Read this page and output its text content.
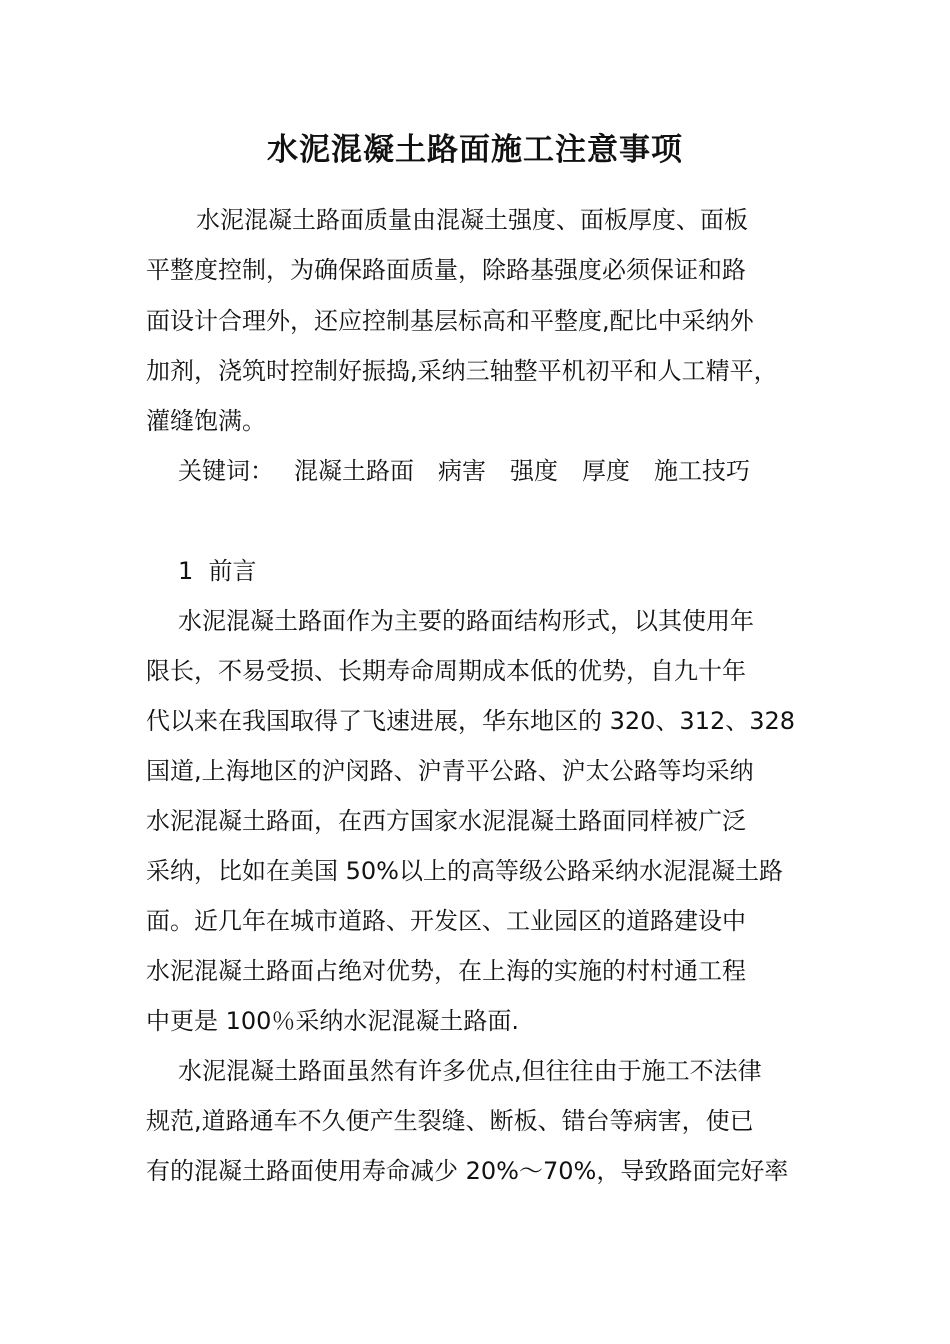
水泥混凝土路面施工注意事项
水泥混凝土路面质量由混凝土强度、面板厚度、面板
平整度控制，为确保路面质量，除路基强度必须保证和路
面设计合理外，还应控制基层标高和平整度,配比中采纳外
加剂，浇筑时控制好振捣,采纳三轴整平机初平和人工精平，
灌缝饱满。
关键词： 混凝土路面 病害 强度 厚度 施工技巧
1  前言
水泥混凝土路面作为主要的路面结构形式，以其使用年
限长，不易受损、长期寿命周期成本低的优势，自九十年
代以来在我国取得了飞速进展，华东地区的 320、312、328
国道,上海地区的沪闵路、沪青平公路、沪太公路等均采纳
水泥混凝土路面，在西方国家水泥混凝土路面同样被广泛
采纳，比如在美国 50%以上的高等级公路采纳水泥混凝土路
面。近几年在城市道路、开发区、工业园区的道路建设中
水泥混凝土路面占绝对优势，在上海的实施的村村通工程
中更是 100％采纳水泥混凝土路面.
水泥混凝土路面虽然有许多优点,但往往由于施工不法律
规范,道路通车不久便产生裂缝、断板、错台等病害，使已
有的混凝土路面使用寿命减少 20%～70%，导致路面完好率
